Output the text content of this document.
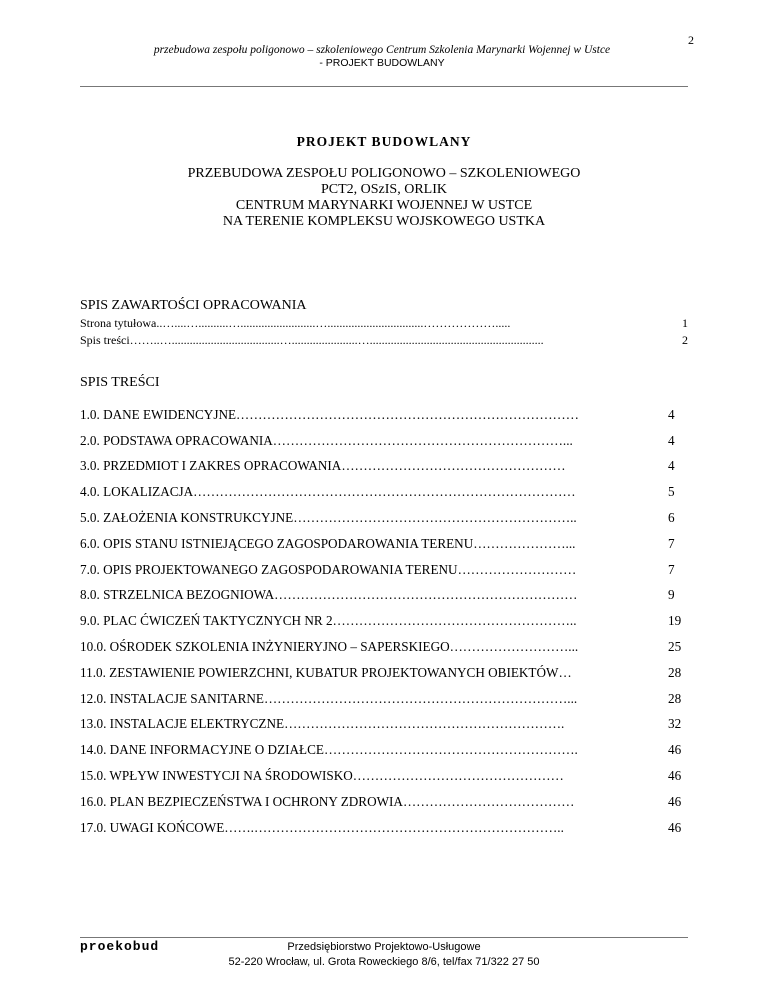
2
przebudowa zespołu poligonowo – szkoleniowego Centrum Szkolenia Marynarki Wojennej w Ustce
- PROJEKT BUDOWLANY
PROJEKT BUDOWLANY
PRZEBUDOWA ZESPOŁU POLIGONOWO – SZKOLENIOWEGO
PCT2, OSzIS, ORLIK
CENTRUM MARYNARKI WOJENNEJ W USTCE
NA TERENIE KOMPLEKSU WOJSKOWEGO USTKA
SPIS ZAWARTOŚCI OPRACOWANIA
Strona tytułowa..…....…..........….........................…................................……………….....	1
Spis treści……..…....................................…......................…..........................................................	2
SPIS TREŚCI
1.0. DANE EWIDENCYJNE……………………………………………………………………	4
2.0. PODSTAWA OPRACOWANIA…………………………………………………………...	4
3.0. PRZEDMIOT I ZAKRES OPRACOWANIA……………………………………………	4
4.0. LOKALIZACJA……………………………………………………………………………	5
5.0. ZAŁOŻENIA KONSTRUKCYJNE………………………………………………………..	6
6.0. OPIS STANU ISTNIEJĄCEGO ZAGOSPODAROWANIA TERENU…………………...	7
7.0. OPIS PROJEKTOWANEGO ZAGOSPODAROWANIA TERENU………………………	7
8.0. STRZELNICA BEZOGNIOWA……………………………………………………………	9
9.0. PLAC ĆWICZEŃ TAKTYCZNYCH NR 2………………………………………………..	19
10.0. OŚRODEK SZKOLENIA INŻYNIERYJNO – SAPERSKIEGO………………………...	25
11.0. ZESTAWIENIE POWIERZCHNI, KUBATUR PROJEKTOWANYCH OBIEKTÓW…	28
12.0. INSTALACJE SANITARNE……………………………………………………………...	28
13.0. INSTALACJE ELEKTRYCZNE……………………………………………………….	32
14.0. DANE INFORMACYJNE O DZIAŁCE………………………………………………….	46
15.0. WPŁYW INWESTYCJI NA ŚRODOWISKO…………………………………………	46
16.0. PLAN BEZPIECZEŃSTWA I OCHRONY ZDROWIA…………………………………	46
17.0. UWAGI KOŃCOWE…….……………………………………………………………..	46
proekobud	Przedsiębiorstwo Projektowo-Usługowe
52-220 Wrocław, ul. Grota Roweckiego 8/6, tel/fax 71/322 27 50
